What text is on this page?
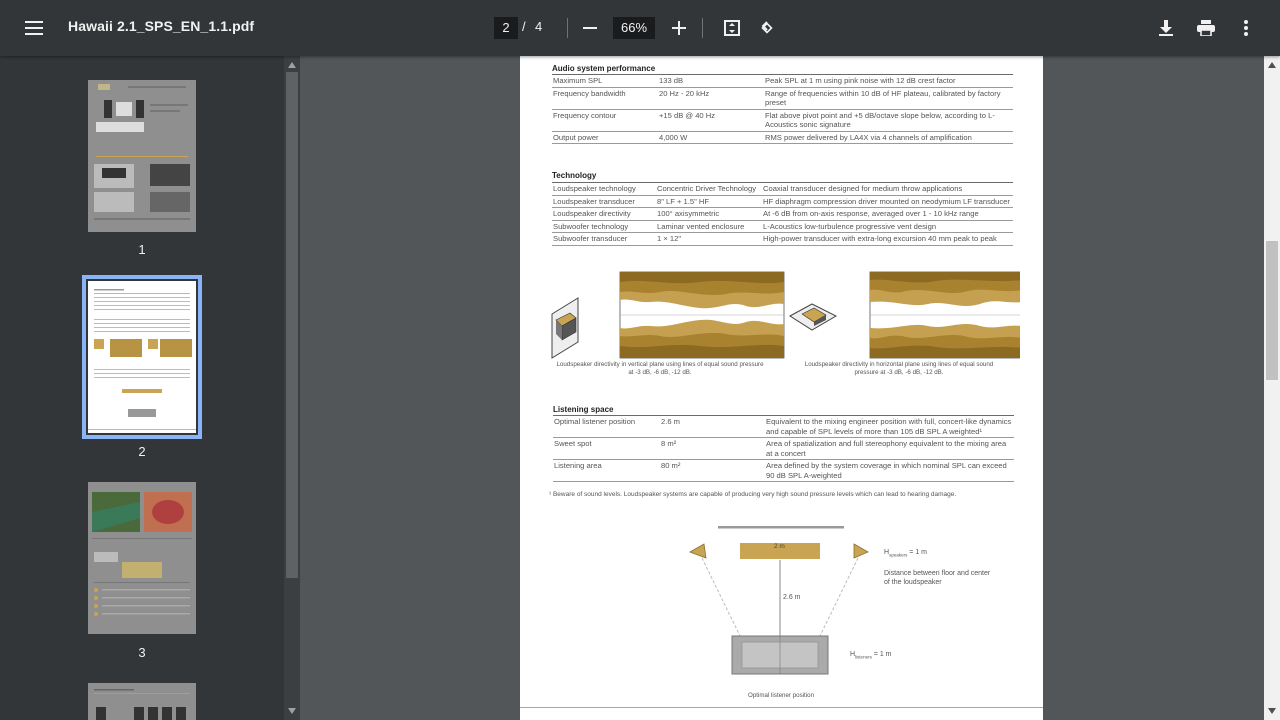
Hawaii 2.1_SPS_EN_1.1.pdf	2 / 4	66%
1
2
3
Audio system performance
Maximum SPL	133 dB	Peak SPL at 1 m using pink noise with 12 dB crest factor
Frequency bandwidth	20 Hz - 20 kHz	Range of frequencies within 10 dB of HF plateau, calibrated by factory preset
Frequency contour	+15 dB @ 40 Hz	Flat above pivot point and +5 dB/octave slope below, according to L-Acoustics sonic signature
Output power	4,000 W	RMS power delivered by LA4X via 4 channels of amplification
Technology
Loudspeaker technology	Concentric Driver Technology	Coaxial transducer designed for medium throw applications
Loudspeaker transducer	8" LF + 1.5" HF	HF diaphragm compression driver mounted on neodymium LF transducer
Loudspeaker directivity	100° axisymmetric	At -6 dB from on-axis response, averaged over 1 - 10 kHz range
Subwoofer technology	Laminar vented enclosure	L-Acoustics low-turbulence progressive vent design
Subwoofer transducer	1 × 12"	High-power transducer with extra-long excursion 40 mm peak to peak
Loudspeaker directivity in vertical plane using lines of equal sound pressure at -3 dB, -6 dB, -12 dB.
Loudspeaker directivity in horizontal plane using lines of equal sound pressure at -3 dB, -6 dB, -12 dB.
Listening space
Optimal listener position	2.6 m	Equivalent to the mixing engineer position with full, concert-like dynamics and capable of SPL levels of more than 105 dB SPL A weighted¹
Sweet spot	8 m²	Area of spatialization and full stereophony equivalent to the mixing area at a concert
Listening area	80 m²	Area defined by the system coverage in which nominal SPL can exceed 90 dB SPL A-weighted
¹ Beware of sound levels. Loudspeaker systems are capable of producing very high sound pressure levels which can lead to hearing damage.
2 m
2.6 m
$H_{speakers} = 1$ m
Distance between floor and center of the loudspeaker
$H_{listeners} = 1$ m
Optimal listener position
